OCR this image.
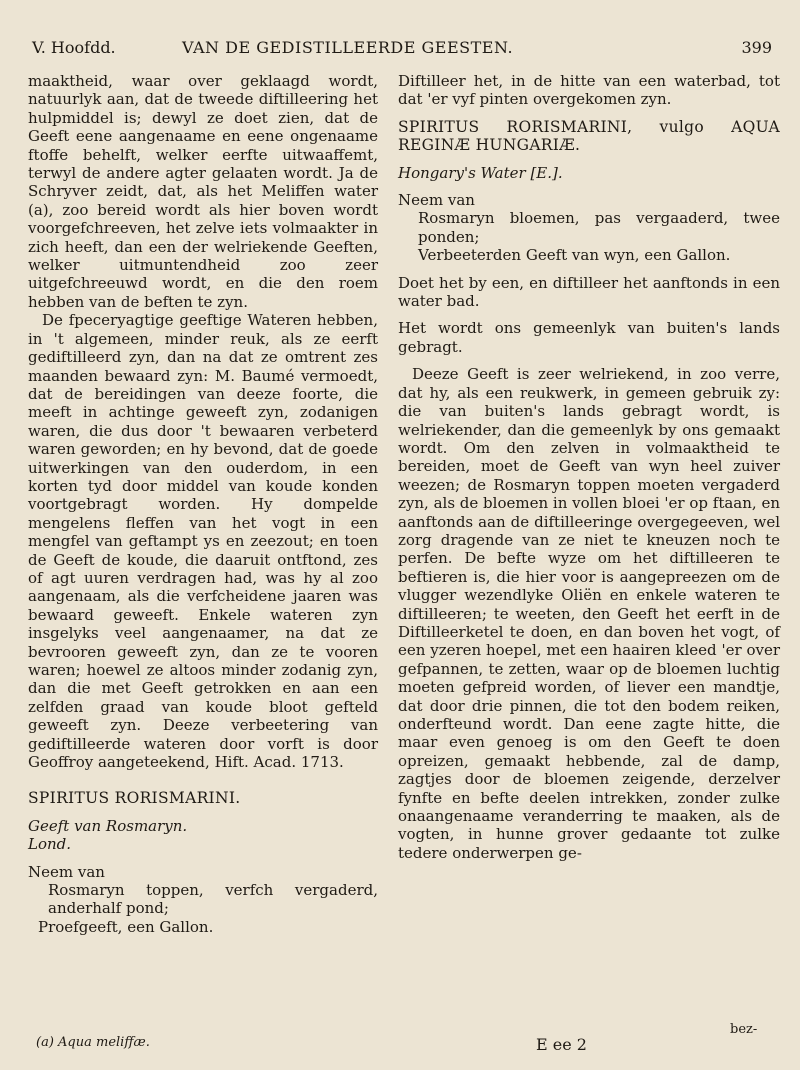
V. Hoofdd.	VAN DE GEDISTILLEERDE GEESTEN.	399

maaktheid, waar over geklaagd wordt, natuurlyk aan, dat de tweede diftilleering het hulpmiddel is; dewyl ze doet zien, dat de Geeft eene aangenaame en eene ongenaame ftoffe behelft, welker eerfte uitwaaffemt, terwyl de andere agter gelaaten wordt. Ja de Schryver zeidt, dat, als het Meliffen water (a), zoo bereid wordt als hier boven wordt voorgefchreeven, het zelve iets volmaakter in zich heeft, dan een der welriekende Geeften, welker uitmuntendheid zoo zeer uitgefchreeuwd wordt, en die den roem hebben van de beften te zyn.

De fpeceryagtige geeftige Wateren hebben, in 't algemeen, minder reuk, als ze eerft gediftilleerd zyn, dan na dat ze omtrent zes maanden bewaard zyn: M. Baumé vermoedt, dat de bereidingen van deeze foorte, die meeft in achtinge geweeft zyn, zodanigen waren, die dus door 't bewaaren verbeterd waren geworden; en hy bevond, dat de goede uitwerkingen van den ouderdom, in een korten tyd door middel van koude konden voortgebragt worden. Hy dompelde mengelens fleffen van het vogt in een mengfel van geftampt ys en zeezout; en toen de Geeft de koude, die daaruit ontftond, zes of agt uuren verdragen had, was hy al zoo aangenaam, als die verfcheidene jaaren was bewaard geweeft. Enkele wateren zyn insgelyks veel aangenaamer, na dat ze bevrooren geweeft zyn, dan ze te vooren waren; hoewel ze altoos minder zodanig zyn, dan die met Geeft getrokken en aan een zelfden graad van koude bloot gefteld geweeft zyn. Deeze verbeetering van gediftilleerde wateren door vorft is door Geoffroy aangeteekend, Hift. Acad. 1713.

SPIRITUS RORISMARINI.

Geeft van Rosmaryn.

Lond.

Neem van

Rosmaryn toppen, verfch vergaderd, anderhalf pond;

Proefgeeft, een Gallon.

Diftilleer het, in de hitte van een waterbad, tot dat 'er vyf pinten overgekomen zyn.

SPIRITUS RORISMARINI, vulgo AQUA REGINÆ HUNGARIÆ.

Hongary's Water [E.].

Neem van

Rosmaryn bloemen, pas vergaaderd, twee ponden;

Verbeeterden Geeft van wyn, een Gallon.

Doet het by een, en diftilleer het aanftonds in een water bad.

Het wordt ons gemeenlyk van buiten's lands gebragt.

Deeze Geeft is zeer welriekend, in zoo verre, dat hy, als een reukwerk, in gemeen gebruik zy: die van buiten's lands gebragt wordt, is welriekender, dan die gemeenlyk by ons gemaakt wordt. Om den zelven in volmaaktheid te bereiden, moet de Geeft van wyn heel zuiver weezen; de Rosmaryn toppen moeten vergaderd zyn, als de bloemen in vollen bloei 'er op ftaan, en aanftonds aan de diftilleeringe overgegeeven, wel zorg dragende van ze niet te kneuzen noch te perfen. De befte wyze om het diftilleeren te beftieren is, die hier voor is aangepreezen om de vlugger wezendlyke Oliën en enkele wateren te diftilleeren; te weeten, den Geeft het eerft in de Diftilleerketel te doen, en dan boven het vogt, of een yzeren hoepel, met een haairen kleed 'er over gefpannen, te zetten, waar op de bloemen luchtig moeten gefpreid worden, of liever een mandtje, dat door drie pinnen, die tot den bodem reiken, onderfteund wordt. Dan eene zagte hitte, die maar even genoeg is om den Geeft te doen opreizen, gemaakt hebbende, zal de damp, zagtjes door de bloemen zeigende, derzelver fynfte en befte deelen intrekken, zonder zulke onaangenaame veranderring te maaken, als de vogten, in hunne grover gedaante tot zulke tedere onderwerpen ge-

bez-
(a) Aqua meliffæ.	E ee 2
